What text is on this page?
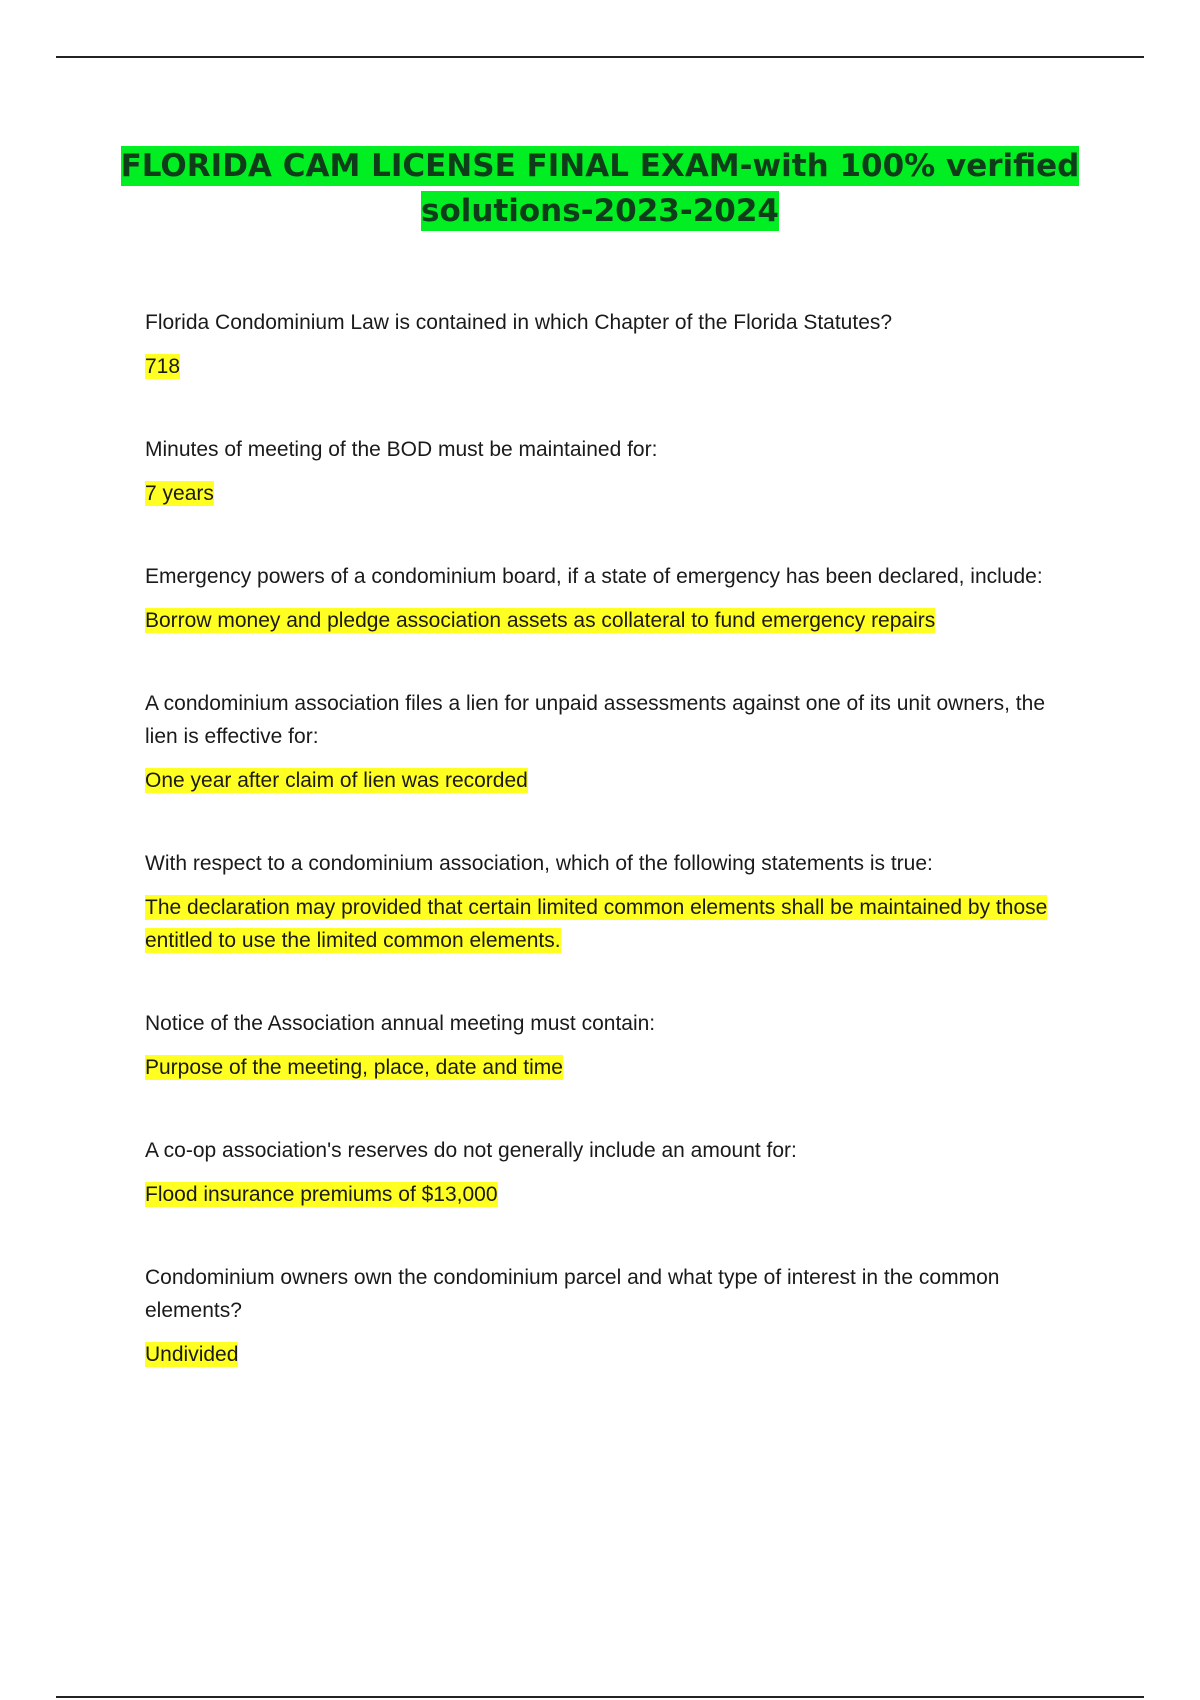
FLORIDA CAM LICENSE FINAL EXAM-with 100% verified solutions-2023-2024

Florida Condominium Law is contained in which Chapter of the Florida Statutes?

718

Minutes of meeting of the BOD must be maintained for:

7 years

Emergency powers of a condominium board, if a state of emergency has been declared, include:

Borrow money and pledge association assets as collateral to fund emergency repairs

A condominium association files a lien for unpaid assessments against one of its unit owners, the lien is effective for:

One year after claim of lien was recorded

With respect to a condominium association, which of the following statements is true:

The declaration may provided that certain limited common elements shall be maintained by those entitled to use the limited common elements.

Notice of the Association annual meeting must contain:

Purpose of the meeting, place, date and time

A co-op association's reserves do not generally include an amount for:

Flood insurance premiums of $13,000

Condominium owners own the condominium parcel and what type of interest in the common elements?

Undivided
